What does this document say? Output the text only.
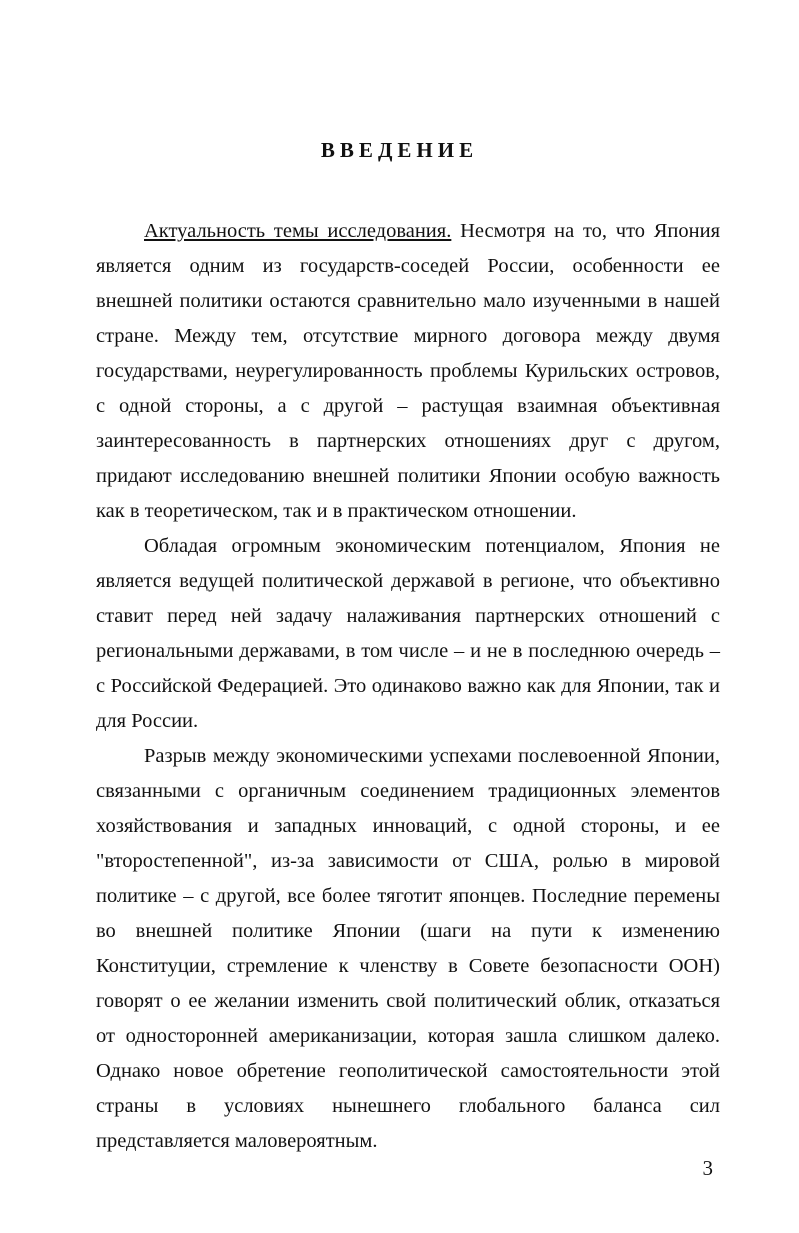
ВВЕДЕНИЕ

Актуальность темы исследования. Несмотря на то, что Япония является одним из государств-соседей России, особенности ее внешней политики остаются сравнительно мало изученными в нашей стране. Между тем, отсутствие мирного договора между двумя государствами, неурегулированность проблемы Курильских островов, с одной стороны, а с другой – растущая взаимная объективная заинтересованность в партнерских отношениях друг с другом, придают исследованию внешней политики Японии особую важность как в теоретическом, так и в практическом отношении.

Обладая огромным экономическим потенциалом, Япония не является ведущей политической державой в регионе, что объективно ставит перед ней задачу налаживания партнерских отношений с региональными державами, в том числе – и не в последнюю очередь – с Российской Федерацией. Это одинаково важно как для Японии, так и для России.

Разрыв между экономическими успехами послевоенной Японии, связанными с органичным соединением традиционных элементов хозяйствования и западных инноваций, с одной стороны, и ее "второстепенной", из-за зависимости от США, ролью в мировой политике – с другой, все более тяготит японцев. Последние перемены во внешней политике Японии (шаги на пути к изменению Конституции, стремление к членству в Совете безопасности ООН) говорят о ее желании изменить свой политический облик, отказаться от односторонней американизации, которая зашла слишком далеко. Однако новое обретение геополитической самостоятельности этой страны в условиях нынешнего глобального баланса сил представляется маловероятным.

3
